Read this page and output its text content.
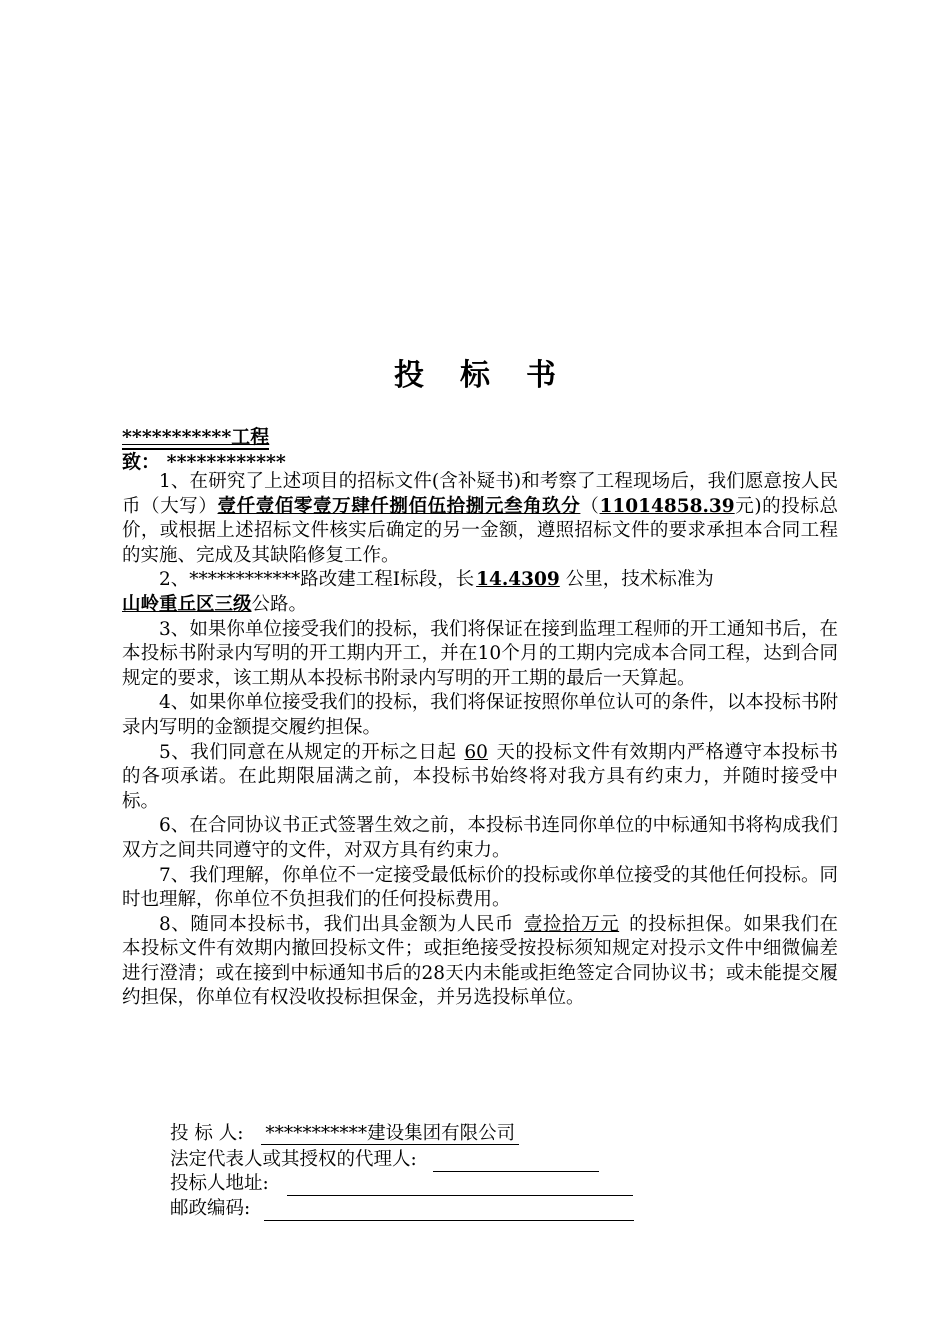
投 标 书
***********工程
致： ************

1、在研究了上述项目的招标文件(含补疑书)和考察了工程现场后，我们愿意按人民币（大写）壹仟壹佰零壹万肆仟捌佰伍拾捌元叁角玖分（11014858.39元)的投标总价，或根据上述招标文件核实后确定的另一金额，遵照招标文件的要求承担本合同工程的实施、完成及其缺陷修复工作。

2、************路改建工程Ⅰ标段，长 14.4309 公里，技术标准为
山岭重丘区三级公路。

3、如果你单位接受我们的投标，我们将保证在接到监理工程师的开工通知书后，在本投标书附录内写明的开工期内开工，并在10个月的工期内完成本合同工程，达到合同规定的要求，该工期从本投标书附录内写明的开工期的最后一天算起。

4、如果你单位接受我们的投标，我们将保证按照你单位认可的条件，以本投标书附录内写明的金额提交履约担保。

5、我们同意在从规定的开标之日起 60 天的投标文件有效期内严格遵守本投标书的各项承诺。在此期限届满之前，本投标书始终将对我方具有约束力，并随时接受中标。

6、在合同协议书正式签署生效之前，本投标书连同你单位的中标通知书将构成我们双方之间共同遵守的文件，对双方具有约束力。

7、我们理解，你单位不一定接受最低标价的投标或你单位接受的其他任何投标。同时也理解，你单位不负担我们的任何投标费用。

8、随同本投标书，我们出具金额为人民币 壹捡拾万元 的投标担保。如果我们在本投标文件有效期内撤回投标文件；或拒绝接受按投标须知规定对投示文件中细微偏差进行澄清；或在接到中标通知书后的28天内未能或拒绝签定合同协议书；或未能提交履约担保，你单位有权没收投标担保金，并另选投标单位。

投 标 人: ***********建设集团有限公司
法定代表人或其授权的代理人:
投标人地址:
邮政编码:
